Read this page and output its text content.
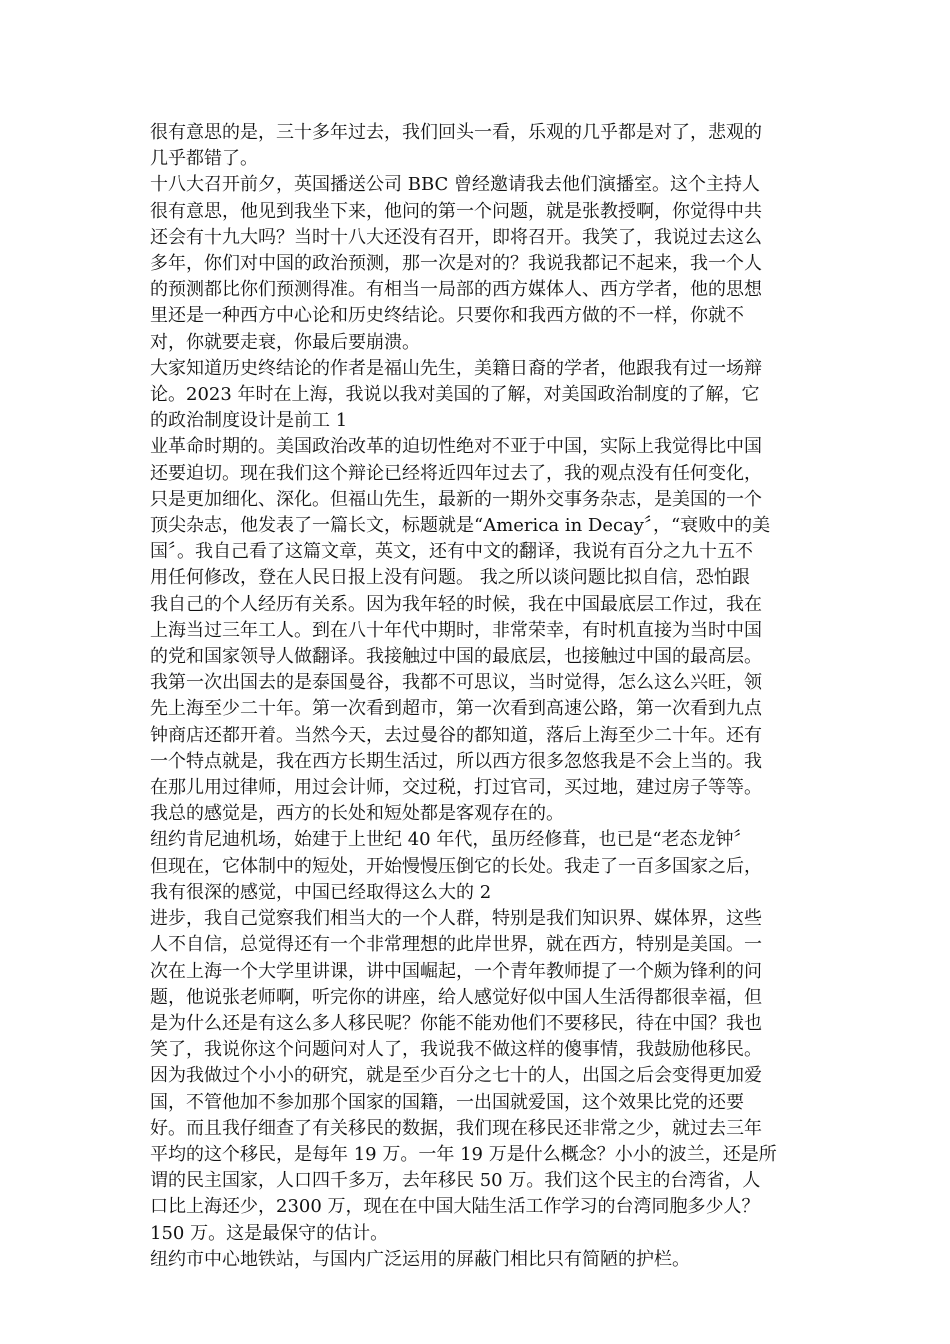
很有意思的是，三十多年过去，我们回头一看，乐观的几乎都是对了，悲观的
几乎都错了。

十八大召开前夕，英国播送公司 BBC 曾经邀请我去他们演播室。这个主持人
很有意思，他见到我坐下来，他问的第一个问题，就是张教授啊，你觉得中共
还会有十九大吗？当时十八大还没有召开，即将召开。我笑了，我说过去这么
多年，你们对中国的政治预测，那一次是对的？我说我都记不起来，我一个人
的预测都比你们预测得准。有相当一局部的西方媒体人、西方学者，他的思想
里还是一种西方中心论和历史终结论。只要你和我西方做的不一样，你就不
对，你就要走衰，你最后要崩溃。

大家知道历史终结论的作者是福山先生，美籍日裔的学者，他跟我有过一场辩
论。2023 年时在上海，我说以我对美国的了解，对美国政治制度的了解，它
的政治制度设计是前工 1

业革命时期的。美国政治改革的迫切性绝对不亚于中国，实际上我觉得比中国
还要迫切。现在我们这个辩论已经将近四年过去了，我的观点没有任何变化，
只是更加细化、深化。但福山先生，最新的一期外交事务杂志，是美国的一个
顶尖杂志，他发表了一篇长文，标题就是“America in Decay〞，“衰败中的美
国〞。我自己看了这篇文章，英文，还有中文的翻译，我说有百分之九十五不
用任何修改，登在人民日报上没有问题。 我之所以谈问题比拟自信，恐怕跟
我自己的个人经历有关系。因为我年轻的时候，我在中国最底层工作过，我在
上海当过三年工人。到在八十年代中期时，非常荣幸，有时机直接为当时中国
的党和国家领导人做翻译。我接触过中国的最底层，也接触过中国的最高层。
我第一次出国去的是泰国曼谷，我都不可思议，当时觉得，怎么这么兴旺，领
先上海至少二十年。第一次看到超市，第一次看到高速公路，第一次看到九点
钟商店还都开着。当然今天，去过曼谷的都知道，落后上海至少二十年。还有
一个特点就是，我在西方长期生活过，所以西方很多忽悠我是不会上当的。我
在那儿用过律师，用过会计师，交过税，打过官司，买过地，建过房子等等。
我总的感觉是，西方的长处和短处都是客观存在的。

纽约肯尼迪机场，始建于上世纪 40 年代，虽历经修葺，也已是“老态龙钟〞

但现在，它体制中的短处，开始慢慢压倒它的长处。我走了一百多国家之后，
我有很深的感觉，中国已经取得这么大的 2

进步，我自己觉察我们相当大的一个人群，特别是我们知识界、媒体界，这些
人不自信，总觉得还有一个非常理想的此岸世界，就在西方，特别是美国。一
次在上海一个大学里讲课，讲中国崛起，一个青年教师提了一个颇为锋利的问
题，他说张老师啊，听完你的讲座，给人感觉好似中国人生活得都很幸福，但
是为什么还是有这么多人移民呢？你能不能劝他们不要移民，待在中国？我也
笑了，我说你这个问题问对人了，我说我不做这样的傻事情，我鼓励他移民。
因为我做过个小小的研究，就是至少百分之七十的人，出国之后会变得更加爱
国，不管他加不参加那个国家的国籍，一出国就爱国，这个效果比党的还要
好。而且我仔细查了有关移民的数据，我们现在移民还非常之少，就过去三年
平均的这个移民，是每年 19 万。一年 19 万是什么概念？小小的波兰，还是所
谓的民主国家，人口四千多万，去年移民 50 万。我们这个民主的台湾省，人
口比上海还少，2300 万，现在在中国大陆生活工作学习的台湾同胞多少人？
150 万。这是最保守的估计。

纽约市中心地铁站，与国内广泛运用的屏蔽门相比只有简陋的护栏。
